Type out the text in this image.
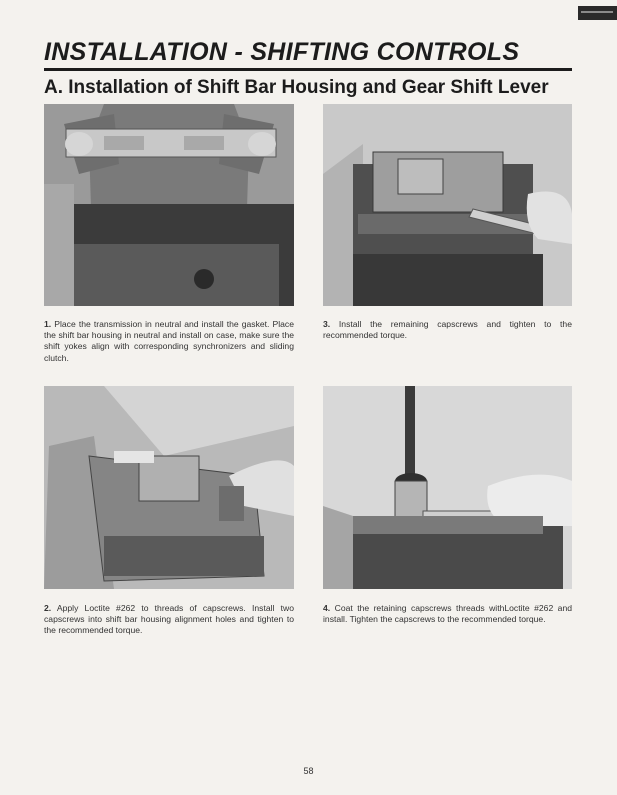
INSTALLATION - SHIFTING CONTROLS
A. Installation of Shift Bar Housing and Gear Shift Lever

1. Place the transmission in neutral and install the gasket. Place the shift bar housing in neutral and install on case, make sure the shift yokes align with corresponding synchronizers and sliding clutch.

3. Install the remaining capscrews and tighten to the recommended torque.

2. Apply Loctite #262 to threads of capscrews. Install two capscrews into shift bar housing alignment holes and tighten to the recommended torque.

4. Coat the retaining capscrews threads withLoctite #262 and install. Tighten the capscrews to the recommended torque.

58
